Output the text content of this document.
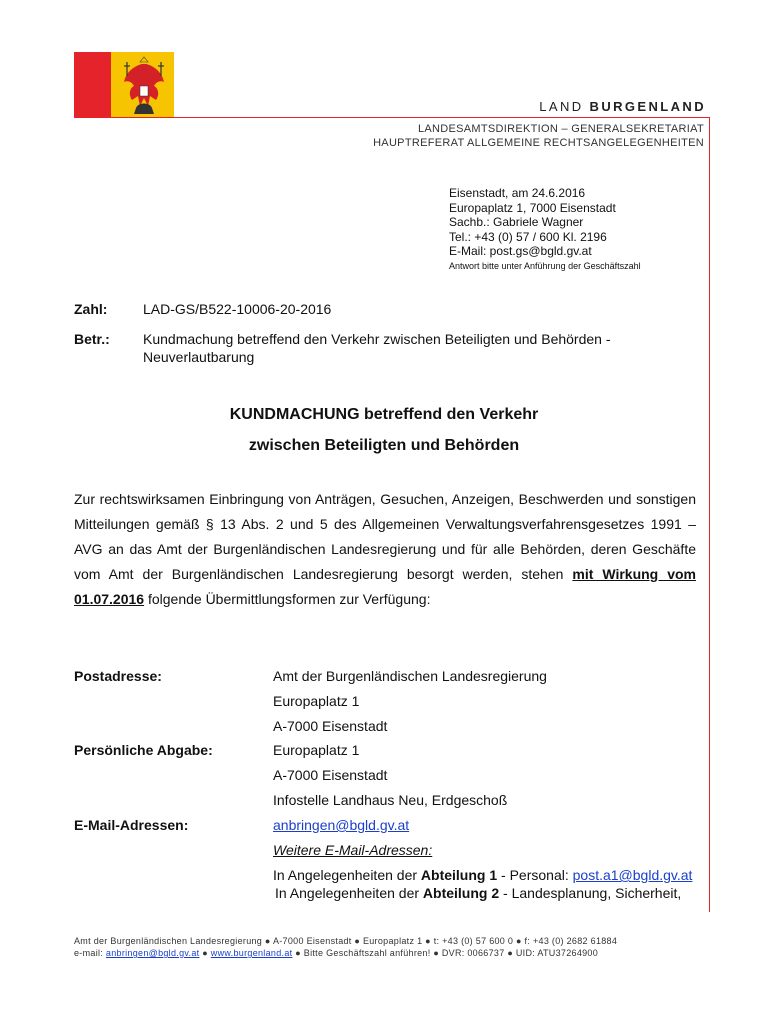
LAND BURGENLAND
LANDESAMTSDIREKTION – GENERALSEKRETARIAT
HAUPTREFERAT ALLGEMEINE RECHTSANGELEGENHEITEN
Eisenstadt, am 24.6.2016
Europaplatz 1, 7000 Eisenstadt
Sachb.: Gabriele Wagner
Tel.: +43 (0) 57 / 600 Kl. 2196
E-Mail: post.gs@bgld.gv.at
Antwort bitte unter Anführung der Geschäftszahl
Zahl:	LAD-GS/B522-10006-20-2016
Betr.: Kundmachung betreffend den Verkehr zwischen Beteiligten und Behörden -
Neuverlautbarung
KUNDMACHUNG betreffend den Verkehr
zwischen Beteiligten und Behörden
Zur rechtswirksamen Einbringung von Anträgen, Gesuchen, Anzeigen, Beschwerden und sonstigen Mitteilungen gemäß § 13 Abs. 2 und 5 des Allgemeinen Verwaltungsverfahrensgesetzes 1991 – AVG an das Amt der Burgenländischen Landesregierung und für alle Behörden, deren Geschäfte vom Amt der Burgenländischen Landesregierung besorgt werden, stehen mit Wirkung vom 01.07.2016 folgende Übermittlungsformen zur Verfügung:
Postadresse:	Amt der Burgenländischen Landesregierung
Europaplatz 1
A-7000 Eisenstadt
Persönliche Abgabe:	Europaplatz 1
A-7000 Eisenstadt
Infostelle Landhaus Neu, Erdgeschoß
E-Mail-Adressen:	anbringen@bgld.gv.at
Weitere E-Mail-Adressen:
In Angelegenheiten der Abteilung 1 - Personal: post.a1@bgld.gv.at
In Angelegenheiten der Abteilung 2 - Landesplanung, Sicherheit,
Amt der Burgenländischen Landesregierung ● A-7000 Eisenstadt ● Europaplatz 1 ● t: +43 (0) 57 600 0 ● f: +43 (0) 2682 61884
e-mail: anbringen@bgld.gv.at ● www.burgenland.at ● Bitte Geschäftszahl anführen! ● DVR: 0066737 ● UID: ATU37264900
